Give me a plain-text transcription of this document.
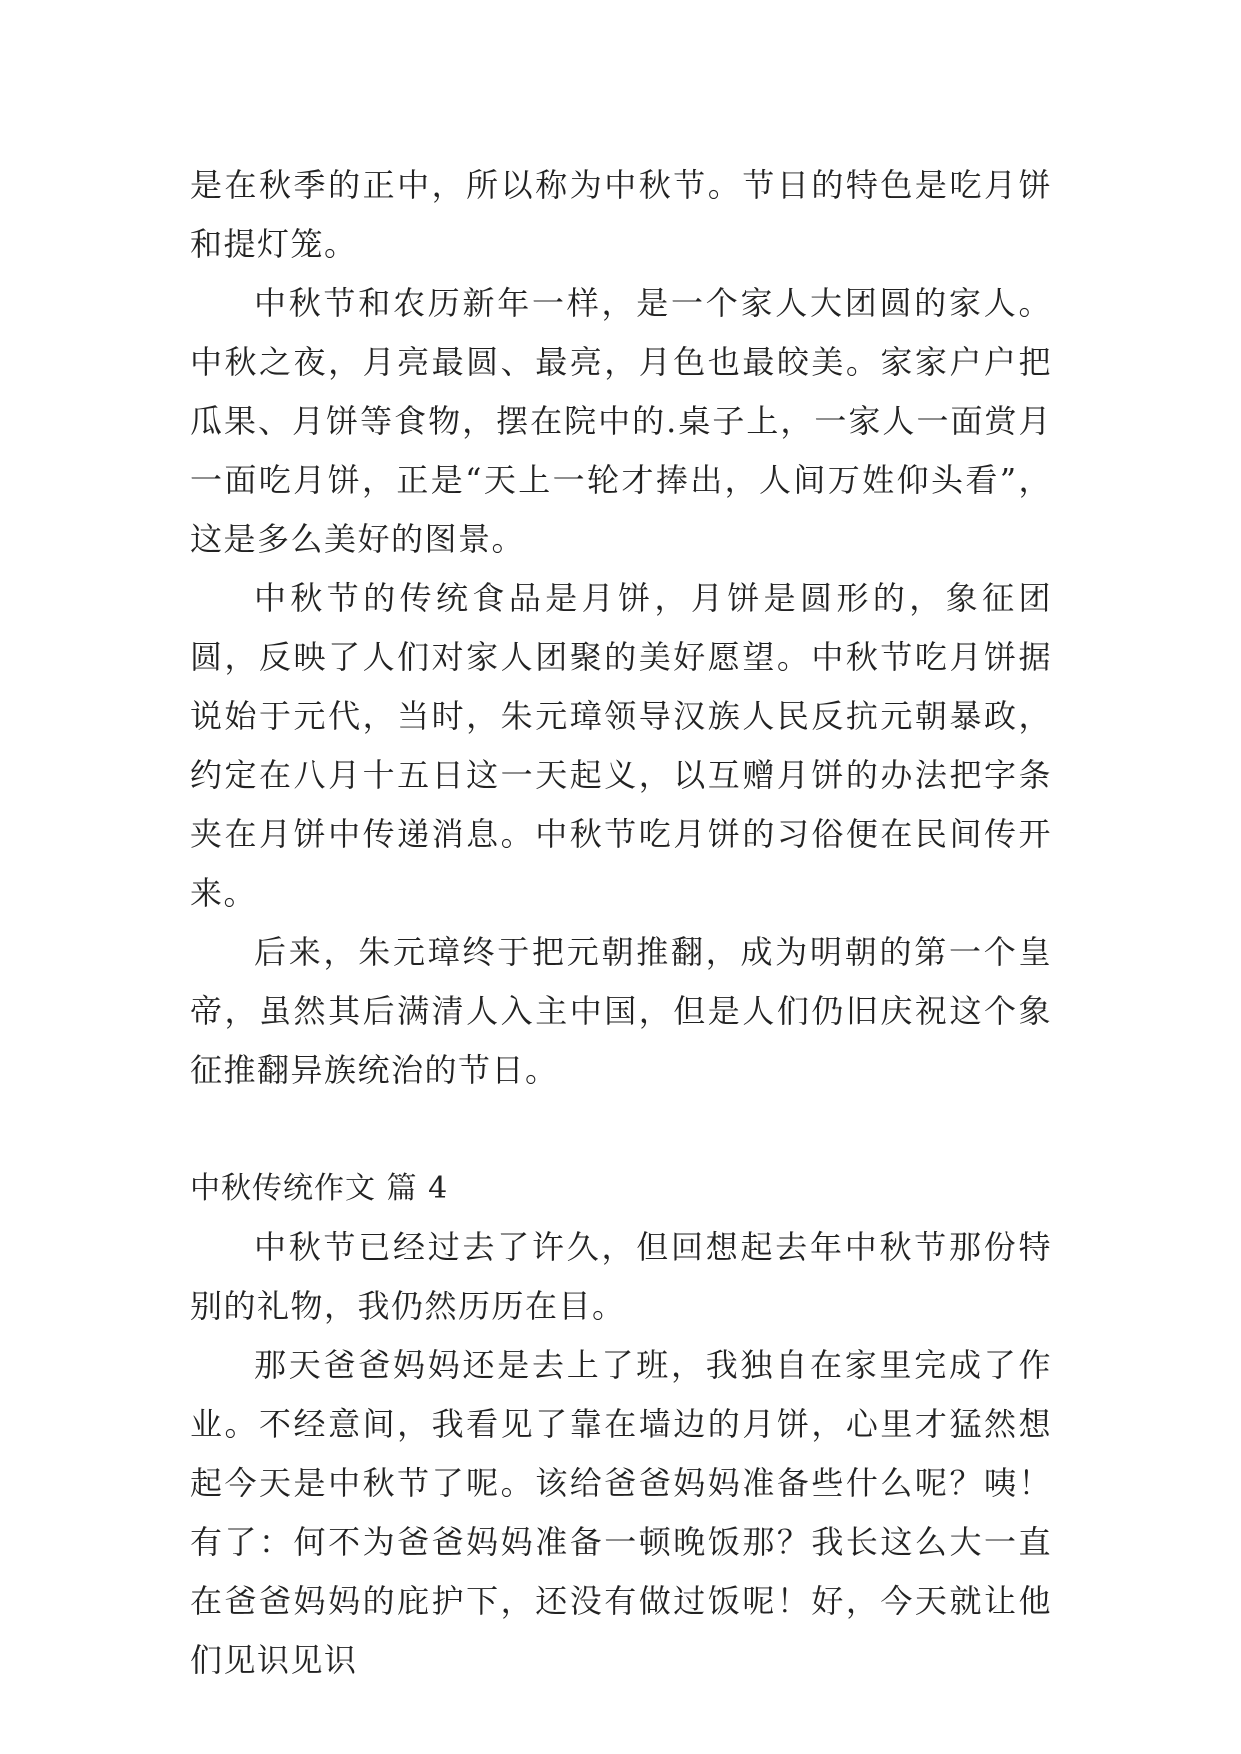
是在秋季的正中，所以称为中秋节。节日的特色是吃月饼和提灯笼。

中秋节和农历新年一样，是一个家人大团圆的家人。中秋之夜，月亮最圆、最亮，月色也最皎美。家家户户把瓜果、月饼等食物，摆在院中的.桌子上，一家人一面赏月一面吃月饼，正是“天上一轮才捧出，人间万姓仰头看”，这是多么美好的图景。

中秋节的传统食品是月饼，月饼是圆形的，象征团圆，反映了人们对家人团聚的美好愿望。中秋节吃月饼据说始于元代，当时，朱元璋领导汉族人民反抗元朝暴政，约定在八月十五日这一天起义，以互赠月饼的办法把字条夹在月饼中传递消息。中秋节吃月饼的习俗便在民间传开来。

后来，朱元璋终于把元朝推翻，成为明朝的第一个皇帝，虽然其后满清人入主中国，但是人们仍旧庆祝这个象征推翻异族统治的节日。

中秋传统作文 篇 4

中秋节已经过去了许久，但回想起去年中秋节那份特别的礼物，我仍然历历在目。

那天爸爸妈妈还是去上了班，我独自在家里完成了作业。不经意间，我看见了靠在墙边的月饼，心里才猛然想起今天是中秋节了呢。该给爸爸妈妈准备些什么呢？咦！有了：何不为爸爸妈妈准备一顿晚饭那？我长这么大一直在爸爸妈妈的庇护下，还没有做过饭呢！好，今天就让他们见识见识
